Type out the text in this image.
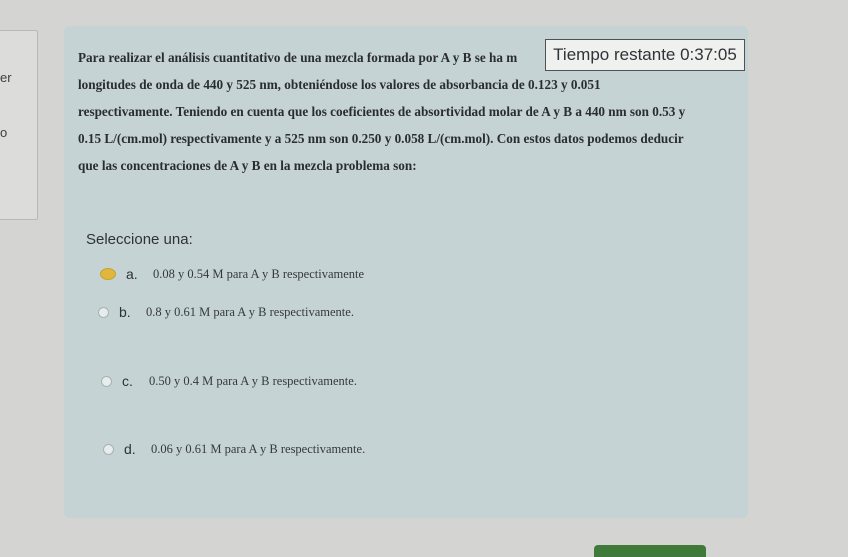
er
o
Para realizar el análisis cuantitativo de una mezcla formada por A y B se ha m
longitudes de onda de 440 y 525 nm, obteniéndose los valores de absorbancia de 0.123 y 0.051
respectivamente. Teniendo en cuenta que los coeficientes de absortividad molar de A y B a 440 nm son 0.53 y
0.15 L/(cm.mol) respectivamente y a 525 nm son 0.250 y 0.058 L/(cm.mol). Con estos datos podemos deducir
que las concentraciones de A y B en la mezcla problema son:
Tiempo restante 0:37:05
Seleccione una:
a.	0.08 y 0.54 M para A y B respectivamente
b.	0.8 y 0.61 M para A y B respectivamente.
c.	0.50 y 0.4 M para A y B respectivamente.
d.	0.06 y 0.61 M para A y B respectivamente.
